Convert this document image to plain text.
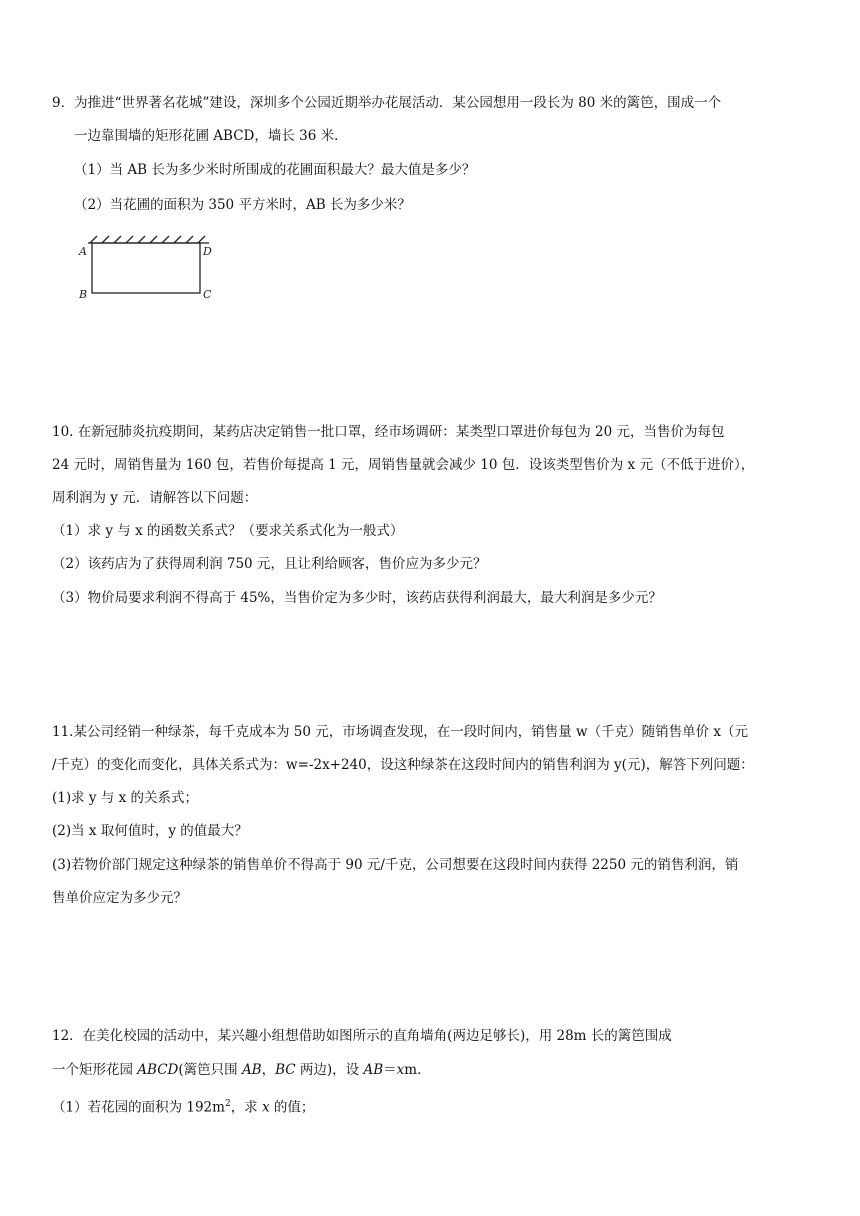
9．为推进“世界著名花城”建设，深圳多个公园近期举办花展活动．某公园想用一段长为 80 米的篱笆，围成一个
一边靠围墙的矩形花圃 ABCD，墙长 36 米．
（1）当 AB 长为多少米时所围成的花圃面积最大？最大值是多少？
（2）当花圃的面积为 350 平方米时，AB 长为多少米？
A
B	C
D
10. 在新冠肺炎抗疫期间，某药店决定销售一批口罩，经市场调研：某类型口罩进价每包为 20 元，当售价为每包
24 元时，周销售量为 160 包，若售价每提高 1 元，周销售量就会减少 10 包．设该类型售价为 x 元（不低于进价），
周利润为 y 元．请解答以下问题：
（1）求 y 与 x 的函数关系式？（要求关系式化为一般式）
（2）该药店为了获得周利润 750 元，且让利给顾客，售价应为多少元？
（3）物价局要求利润不得高于 45%，当售价定为多少时，该药店获得利润最大，最大利润是多少元？
11.某公司经销一种绿茶，每千克成本为 50 元，市场调查发现，在一段时间内，销售量 w（千克）随销售单价 x（元
/千克）的变化而变化，具体关系式为：w=-2x+240，设这种绿茶在这段时间内的销售利润为 y(元)，解答下列问题：
(1)求 y 与 x 的关系式；
(2)当 x 取何值时，y 的值最大？
(3)若物价部门规定这种绿茶的销售单价不得高于 90 元/千克，公司想要在这段时间内获得 2250 元的销售利润，销
售单价应定为多少元？
12．在美化校园的活动中，某兴趣小组想借助如图所示的直角墙角(两边足够长)，用 28m 长的篱笆围成
一个矩形花园 ABCD(篱笆只围 AB，BC 两边)，设 AB＝xm．
（1）若花园的面积为 $192m^2$，求 x 的值；
